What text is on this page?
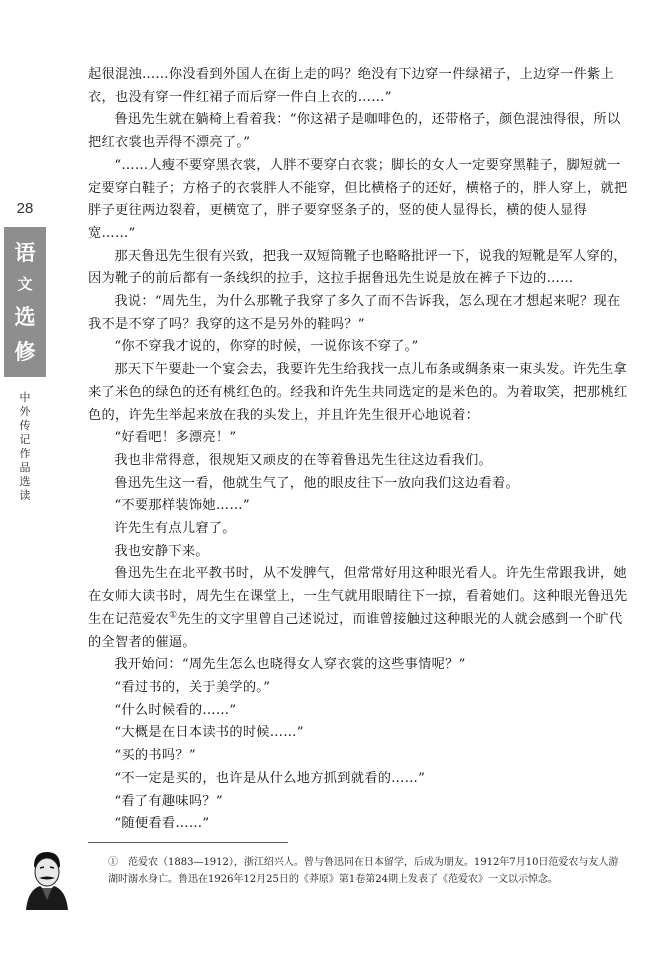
28
语
文
选
修
中外传记作品选读

起很混浊……你没看到外国人在街上走的吗？绝没有下边穿一件绿裙子，上边穿一件紫上衣，也没有穿一件红裙子而后穿一件白上衣的……”

鲁迅先生就在躺椅上看着我：“你这裙子是咖啡色的，还带格子，颜色混浊得很，所以把红衣裳也弄得不漂亮了。”

“……人瘦不要穿黑衣裳，人胖不要穿白衣裳；脚长的女人一定要穿黑鞋子，脚短就一定要穿白鞋子；方格子的衣裳胖人不能穿，但比横格子的还好，横格子的，胖人穿上，就把胖子更往两边裂着，更横宽了，胖子要穿竖条子的，竖的使人显得长，横的使人显得宽……”

那天鲁迅先生很有兴致，把我一双短筒靴子也略略批评一下，说我的短靴是军人穿的，因为靴子的前后都有一条线织的拉手，这拉手据鲁迅先生说是放在裤子下边的……

我说：“周先生，为什么那靴子我穿了多久了而不告诉我，怎么现在才想起来呢？现在我不是不穿了吗？我穿的这不是另外的鞋吗？”

“你不穿我才说的，你穿的时候，一说你该不穿了。”

那天下午要赴一个宴会去，我要许先生给我找一点儿布条或绸条束一束头发。许先生拿来了米色的绿色的还有桃红色的。经我和许先生共同选定的是米色的。为着取笑，把那桃红色的，许先生举起来放在我的头发上，并且许先生很开心地说着：

“好看吧！多漂亮！”

我也非常得意，很规矩又顽皮的在等着鲁迅先生往这边看我们。

鲁迅先生这一看，他就生气了，他的眼皮往下一放向我们这边看着。

“不要那样装饰她……”

许先生有点儿窘了。

我也安静下来。

鲁迅先生在北平教书时，从不发脾气，但常常好用这种眼光看人。许先生常跟我讲，她在女师大读书时，周先生在课堂上，一生气就用眼睛往下一掠，看着她们。这种眼光鲁迅先生在记范爱农①先生的文字里曾自己述说过，而谁曾接触过这种眼光的人就会感到一个旷代的全智者的催逼。

我开始问：“周先生怎么也晓得女人穿衣裳的这些事情呢？”

“看过书的，关于美学的。”

“什么时候看的……”

“大概是在日本读书的时候……”

“买的书吗？”

“不一定是买的，也许是从什么地方抓到就看的……”

“看了有趣味吗？”

“随便看看……”

①　范爱农（1883—1912），浙江绍兴人。曾与鲁迅同在日本留学，后成为朋友。1912年7月10日范爱农与友人游湖时溺水身亡。鲁迅在1926年12月25日的《莽原》第1卷第24期上发表了《范爱农》一文以示悼念。
